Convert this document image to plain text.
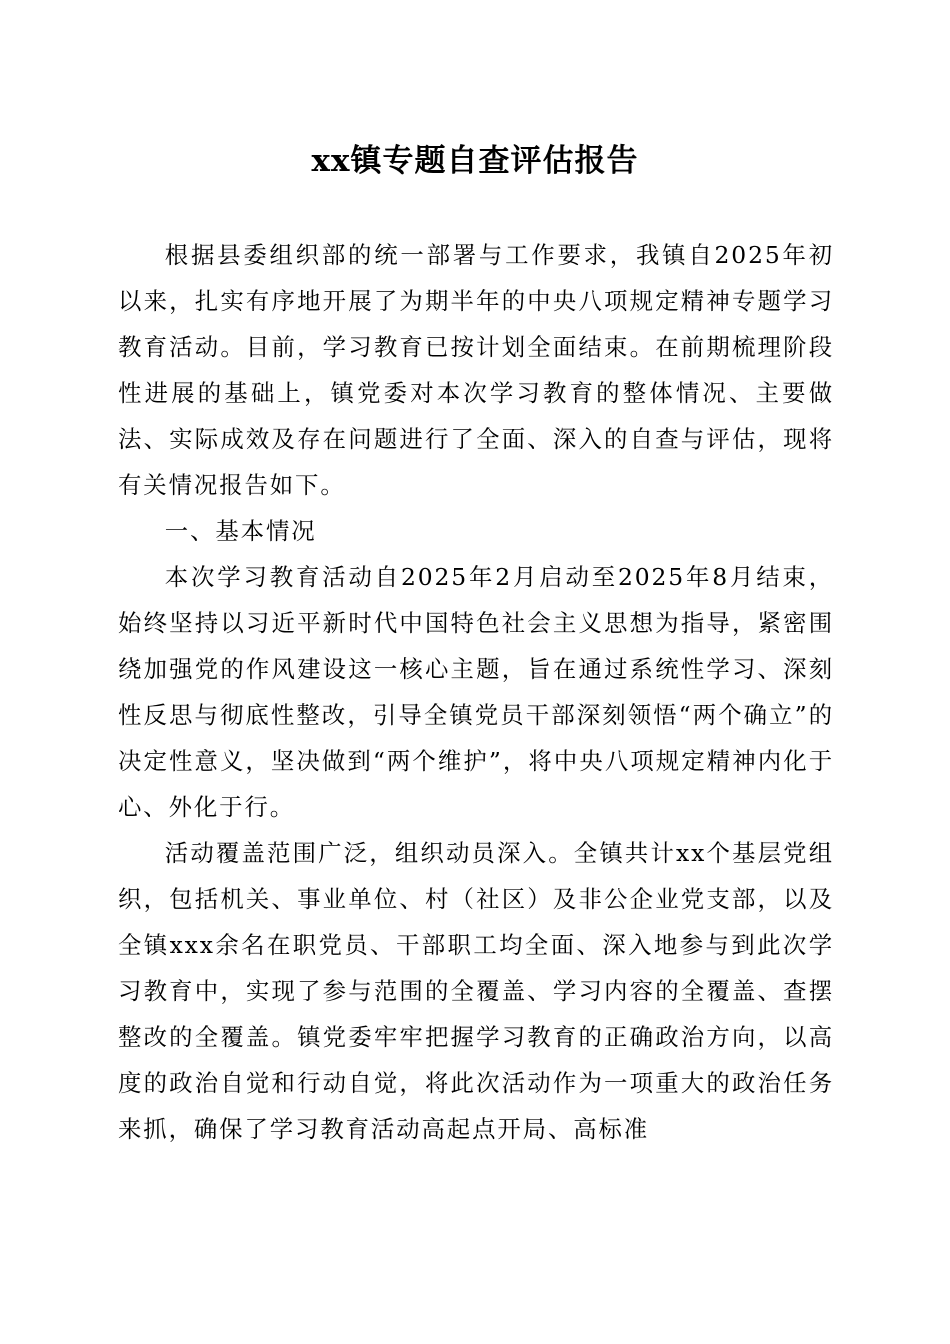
xx镇专题自查评估报告

根据县委组织部的统一部署与工作要求，我镇自2025年初以来，扎实有序地开展了为期半年的中央八项规定精神专题学习教育活动。目前，学习教育已按计划全面结束。在前期梳理阶段性进展的基础上，镇党委对本次学习教育的整体情况、主要做法、实际成效及存在问题进行了全面、深入的自查与评估，现将有关情况报告如下。

一、基本情况

本次学习教育活动自2025年2月启动至2025年8月结束，始终坚持以习近平新时代中国特色社会主义思想为指导，紧密围绕加强党的作风建设这一核心主题，旨在通过系统性学习、深刻性反思与彻底性整改，引导全镇党员干部深刻领悟“两个确立”的决定性意义，坚决做到“两个维护”，将中央八项规定精神内化于心、外化于行。

活动覆盖范围广泛，组织动员深入。全镇共计xx个基层党组织，包括机关、事业单位、村（社区）及非公企业党支部，以及全镇xxx余名在职党员、干部职工均全面、深入地参与到此次学习教育中，实现了参与范围的全覆盖、学习内容的全覆盖、查摆整改的全覆盖。镇党委牢牢把握学习教育的正确政治方向，以高度的政治自觉和行动自觉，将此次活动作为一项重大的政治任务来抓，确保了学习教育活动高起点开局、高标准
